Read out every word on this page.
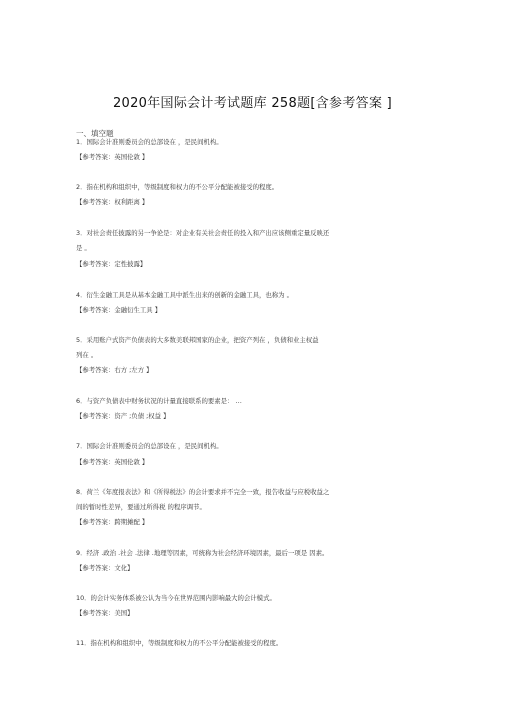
2020年国际会计考试题库 258题[含参考答案 ]
一、填空题
1．国际会计准则委员会的总部设在 ，是民间机构。
【参考答案：英国伦敦 】
2．指在机构和组织中，等级制度和权力的不公平分配能被接受的程度。
【参考答案：权利距离 】
3．对社会责任披露的另一争论是：对企业有关社会责任的投入和产出应该侧重定量反映还
是 。
【参考答案：定性披露】
4．衍生金融工具是从基本金融工具中派生出来的创新的金融工具，也称为 。
【参考答案：金融衍生工具 】
5．采用账户式资产负债表的大多数美联邦国家的企业，把资产列在 ，负债和业主权益
列在 。
【参考答案：右方 ;左方 】
6．与资产负债表中财务状况的计量直接联系的要素是： …
【参考答案：资产 ;负债 ;权益 】
7．国际会计准则委员会的总部设在 ，是民间机构。
【参考答案：英国伦敦 】
8．荷兰《年度报表法》和《所得税法》的会计要求并不完全一致，报告收益与应税收益之
间的暂时性差异，要通过所得税 的程序调节。
【参考答案：跨期摊配 】
9．经济 .政治 .社会 .法律 .地理等因素，可统称为社会经济环境因素，最后一项是 因素。
【参考答案：文化】
10．的会计实务体系被公认为当今在世界范围内影响最大的会计模式。
【参考答案：美国】
11．指在机构和组织中，等级制度和权力的不公平分配能被接受的程度。
